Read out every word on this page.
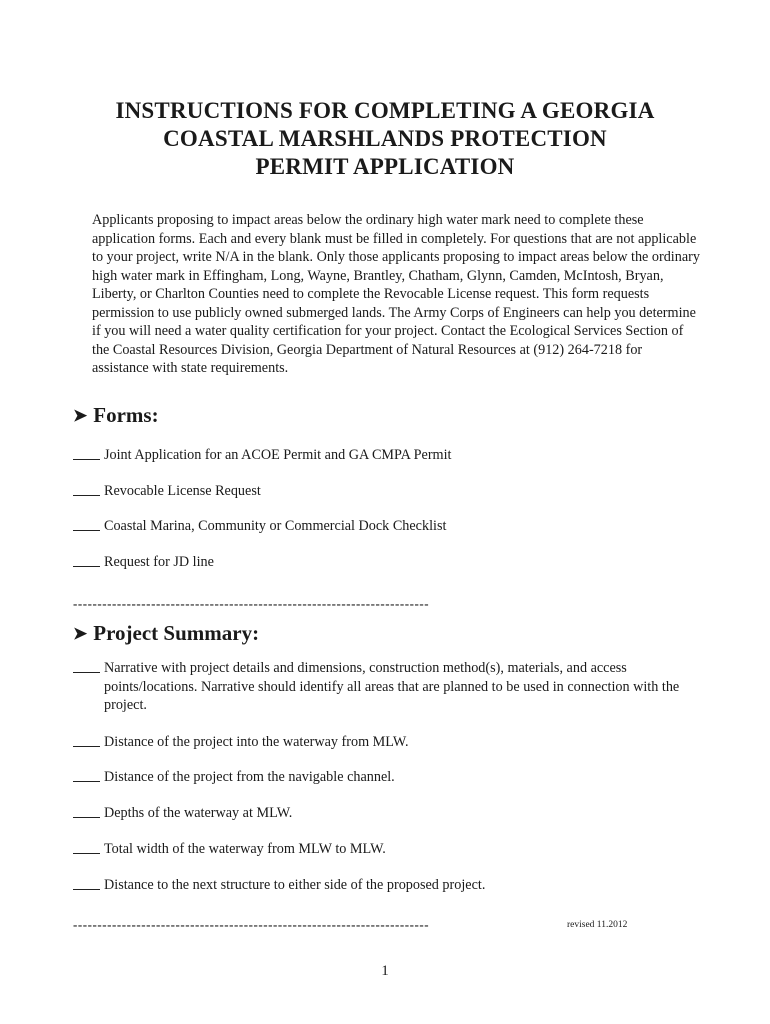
INSTRUCTIONS FOR COMPLETING A GEORGIA
COASTAL MARSHLANDS PROTECTION
PERMIT APPLICATION
Applicants proposing to impact areas below the ordinary high water mark need to complete these application forms. Each and every blank must be filled in completely. For questions that are not applicable to your project, write N/A in the blank. Only those applicants proposing to impact areas below the ordinary high water mark in Effingham, Long, Wayne, Brantley, Chatham, Glynn, Camden, McIntosh, Bryan, Liberty, or Charlton Counties need to complete the Revocable License request. This form requests permission to use publicly owned submerged lands. The Army Corps of Engineers can help you determine if you will need a water quality certification for your project. Contact the Ecological Services Section of the Coastal Resources Division, Georgia Department of Natural Resources at (912) 264-7218 for assistance with state requirements.
➤ Forms:
Joint Application for an ACOE Permit and GA CMPA Permit
Revocable License Request
Coastal Marina, Community or Commercial Dock Checklist
Request for JD line
-------------------------------------------------------------------------
➤ Project Summary:
Narrative with project details and dimensions, construction method(s), materials, and access points/locations. Narrative should identify all areas that are planned to be used in connection with the project.
Distance of the project into the waterway from MLW.
Distance of the project from the navigable channel.
Depths of the waterway at MLW.
Total width of the waterway from MLW to MLW.
Distance to the next structure to either side of the proposed project.
-------------------------------------------------------------------------	revised 11.2012
1
